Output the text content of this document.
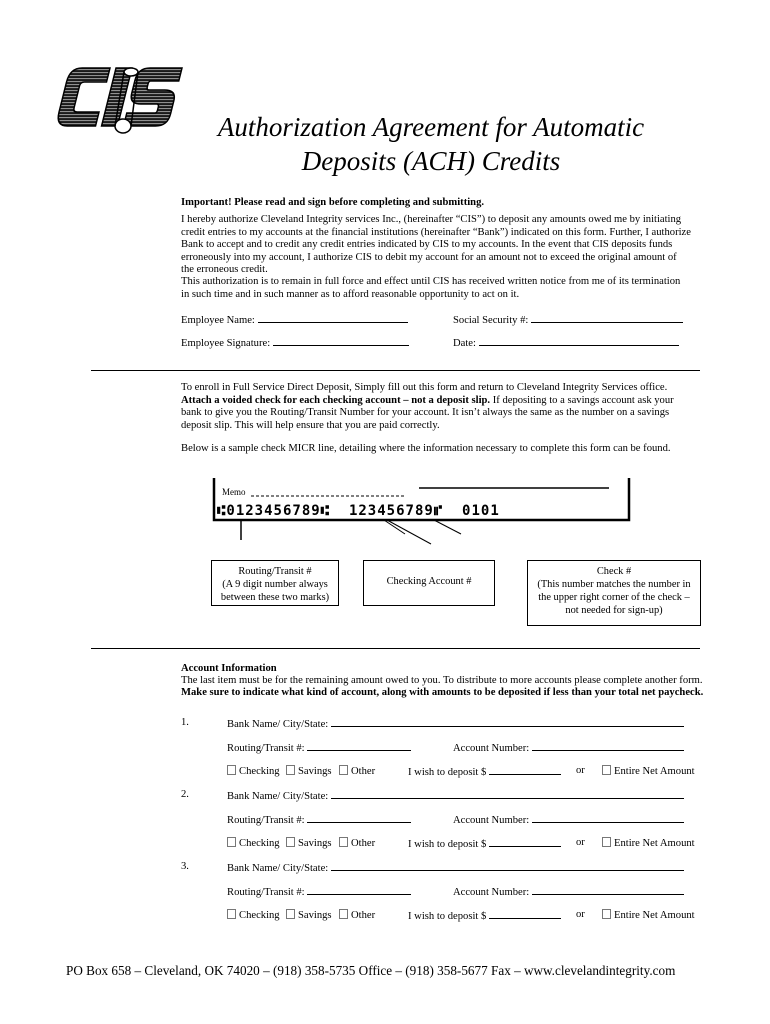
Authorization Agreement for Automatic
Deposits (ACH) Credits

Important! Please read and sign before completing and submitting.

I hereby authorize Cleveland Integrity services Inc., (hereinafter “CIS”) to deposit any amounts owed me by initiating credit entries to my accounts at the financial institutions (hereinafter “Bank”) indicated on this form. Further, I authorize Bank to accept and to credit any credit entries indicated by CIS to my accounts. In the event that CIS deposits funds erroneously into my account, I authorize CIS to debit my account for an amount not to exceed the original amount of the erroneous credit.

This authorization is to remain in full force and effect until CIS has received written notice from me of its termination in such time and in such manner as to afford reasonable opportunity to act on it.

Employee Name:	Social Security #:
Employee Signature:	Date:

To enroll in Full Service Direct Deposit, Simply fill out this form and return to Cleveland Integrity Services office. Attach a voided check for each checking account – not a deposit slip. If depositing to a savings account ask your bank to give you the Routing/Transit Number for your account. It isn’t always the same as the number on a savings deposit slip. This will help ensure that you are paid correctly.

Below is a sample check MICR line, detailing where the information necessary to complete this form can be found.

Memo
⑆0123456789⑆  123456789⑈  0101
Routing/Transit #
(A 9 digit number always
between these two marks)
Checking Account #
Check #
(This number matches the number in
the upper right corner of the check –
not needed for sign-up)
Account Information
The last item must be for the remaining amount owed to you. To distribute to more accounts please complete another form.
Make sure to indicate what kind of account, along with amounts to be deposited if less than your total net paycheck.
1.	Bank Name/ City/State:
Routing/Transit #:	Account Number:
Checking	Savings	Other	I wish to deposit $	or	Entire Net Amount
2.	Bank Name/ City/State:
Routing/Transit #:	Account Number:
Checking	Savings	Other	I wish to deposit $	or	Entire Net Amount
3.	Bank Name/ City/State:
Routing/Transit #:	Account Number:
Checking	Savings	Other	I wish to deposit $	or	Entire Net Amount
PO Box 658 – Cleveland, OK 74020 – (918) 358-5735 Office – (918) 358-5677 Fax – www.clevelandintegrity.com
